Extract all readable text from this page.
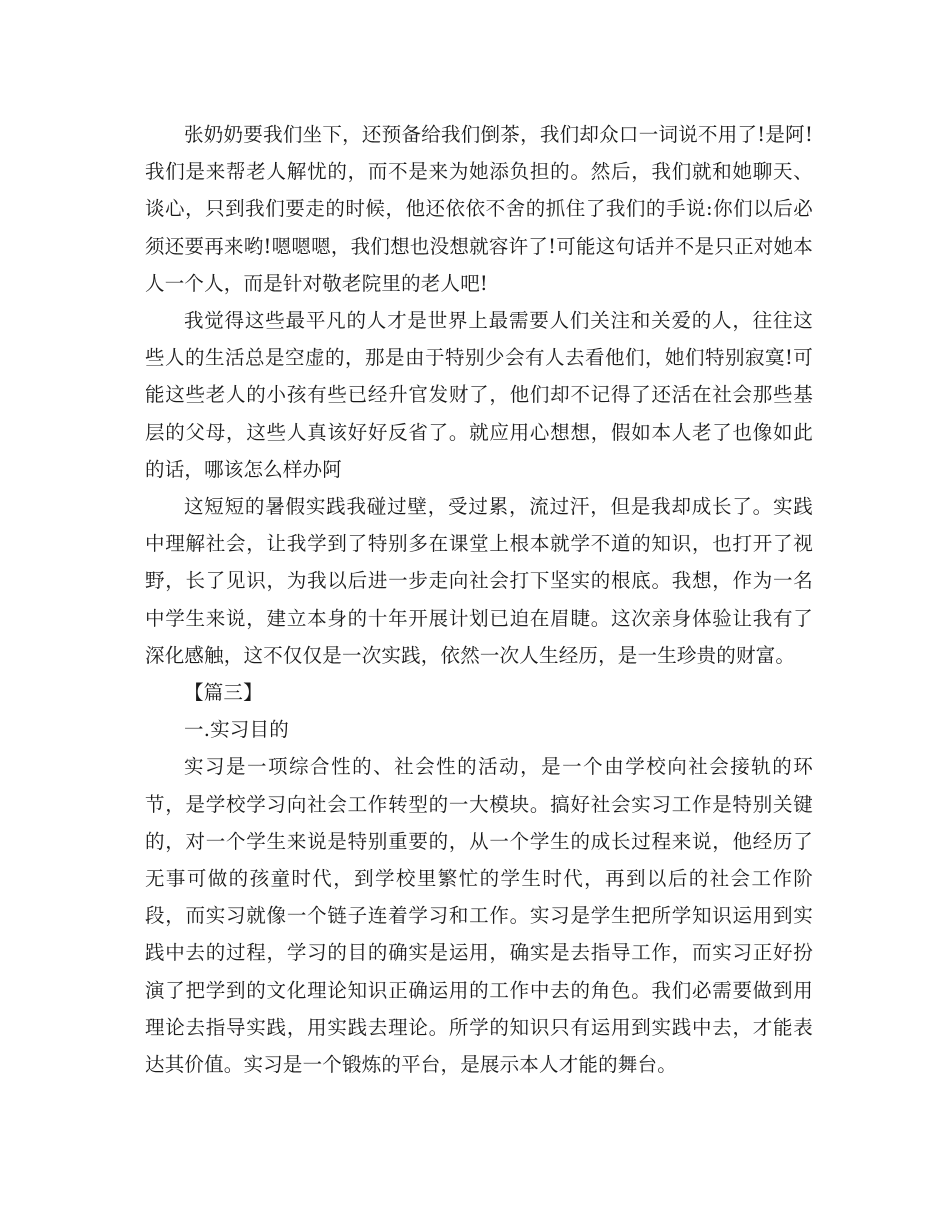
张奶奶要我们坐下，还预备给我们倒茶，我们却众口一词说不用了!是阿!我们是来帮老人解忧的，而不是来为她添负担的。然后，我们就和她聊天、谈心，只到我们要走的时候，他还依依不舍的抓住了我们的手说:你们以后必须还要再来哟!嗯嗯嗯，我们想也没想就容许了!可能这句话并不是只正对她本人一个人，而是针对敬老院里的老人吧!

我觉得这些最平凡的人才是世界上最需要人们关注和关爱的人，往往这些人的生活总是空虚的，那是由于特别少会有人去看他们，她们特别寂寞!可能这些老人的小孩有些已经升官发财了，他们却不记得了还活在社会那些基层的父母，这些人真该好好反省了。就应用心想想，假如本人老了也像如此的话，哪该怎么样办阿

这短短的暑假实践我碰过壁，受过累，流过汗，但是我却成长了。实践中理解社会，让我学到了特别多在课堂上根本就学不道的知识，也打开了视野，长了见识，为我以后进一步走向社会打下坚实的根底。我想，作为一名中学生来说，建立本身的十年开展计划已迫在眉睫。这次亲身体验让我有了深化感触，这不仅仅是一次实践，依然一次人生经历，是一生珍贵的财富。

【篇三】

一.实习目的

实习是一项综合性的、社会性的活动，是一个由学校向社会接轨的环节，是学校学习向社会工作转型的一大模块。搞好社会实习工作是特别关键的，对一个学生来说是特别重要的，从一个学生的成长过程来说，他经历了无事可做的孩童时代，到学校里繁忙的学生时代，再到以后的社会工作阶段，而实习就像一个链子连着学习和工作。实习是学生把所学知识运用到实践中去的过程，学习的目的确实是运用，确实是去指导工作，而实习正好扮演了把学到的文化理论知识正确运用的工作中去的角色。我们必需要做到用理论去指导实践，用实践去理论。所学的知识只有运用到实践中去，才能表达其价值。实习是一个锻炼的平台，是展示本人才能的舞台。
